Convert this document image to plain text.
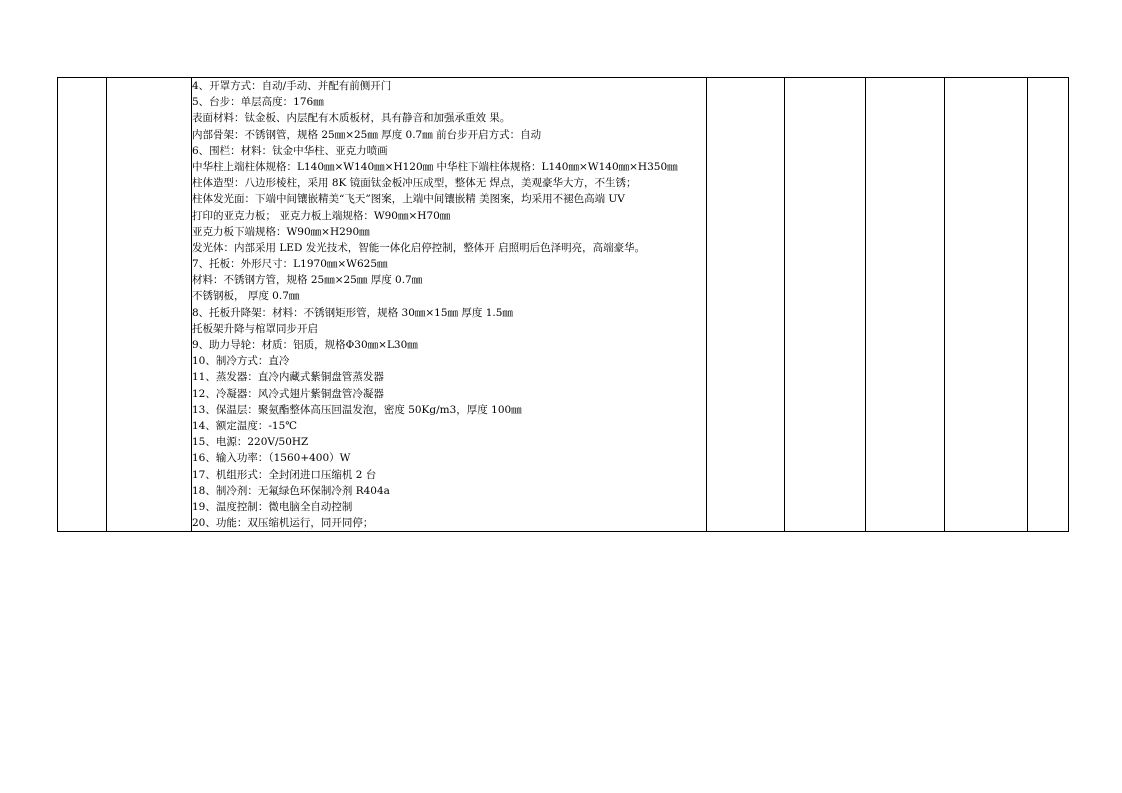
4、开罩方式：自动/手动、并配有前侧开门
5、台步：单层高度：176㎜
表面材料：钛金板、内层配有木质板材，具有静音和加强承重效 果。
内部骨架：不锈钢管，规格 25㎜×25㎜ 厚度 0.7㎜ 前台步开启方式：自动
6、围栏：材料：钛金中华柱、亚克力喷画
中华柱上端柱体规格：L140㎜×W140㎜×H120㎜ 中华柱下端柱体规格：L140㎜×W140㎜×H350㎜
柱体造型：八边形棱柱，采用 8K 镜面钛金板冲压成型，整体无 焊点，美观豪华大方，不生锈；
柱体发光面：下端中间镶嵌精美“飞天”图案，上端中间镶嵌精 美图案，均采用不褪色高端 UV
打印的亚克力板； 亚克力板上端规格：W90㎜×H70㎜
亚克力板下端规格：W90㎜×H290㎜
发光体：内部采用 LED 发光技术，智能一体化启停控制，整体开 启照明后色泽明亮，高端豪华。
7、托板：外形尺寸：L1970㎜×W625㎜
材料：不锈钢方管，规格 25㎜×25㎜ 厚度 0.7㎜
不锈钢板， 厚度 0.7㎜
8、托板升降架：材料：不锈钢矩形管，规格 30㎜×15㎜ 厚度 1.5㎜
托板架升降与棺罩同步开启
9、助力导轮：材质：铝质，规格Φ30㎜×L30㎜
10、制冷方式：直冷
11、蒸发器：直冷内藏式紫铜盘管蒸发器
12、冷凝器：风冷式翅片紫铜盘管冷凝器
13、保温层：聚氨酯整体高压回温发泡，密度 50Kg/m3，厚度 100㎜
14、额定温度：-15℃
15、电源：220V/50HZ
16、输入功率：（1560+400）W
17、机组形式：全封闭进口压缩机 2 台
18、制冷剂：无氟绿色环保制冷剂 R404a
19、温度控制：微电脑全自动控制
20、功能：双压缩机运行，同开同停；
